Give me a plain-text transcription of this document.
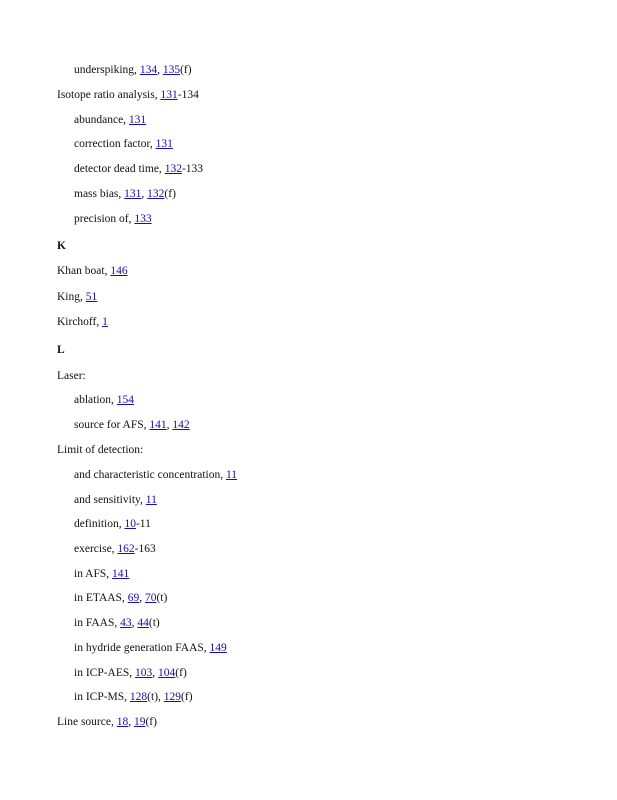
underspiking, 134, 135(f)
Isotope ratio analysis, 131-134
abundance, 131
correction factor, 131
detector dead time, 132-133
mass bias, 131, 132(f)
precision of, 133
K
Khan boat, 146
King, 51
Kirchoff, 1
L
Laser:
ablation, 154
source for AFS, 141, 142
Limit of detection:
and characteristic concentration, 11
and sensitivity, 11
definition, 10-11
exercise, 162-163
in AFS, 141
in ETAAS, 69, 70(t)
in FAAS, 43, 44(t)
in hydride generation FAAS, 149
in ICP-AES, 103, 104(f)
in ICP-MS, 128(t), 129(f)
Line source, 18, 19(f)
